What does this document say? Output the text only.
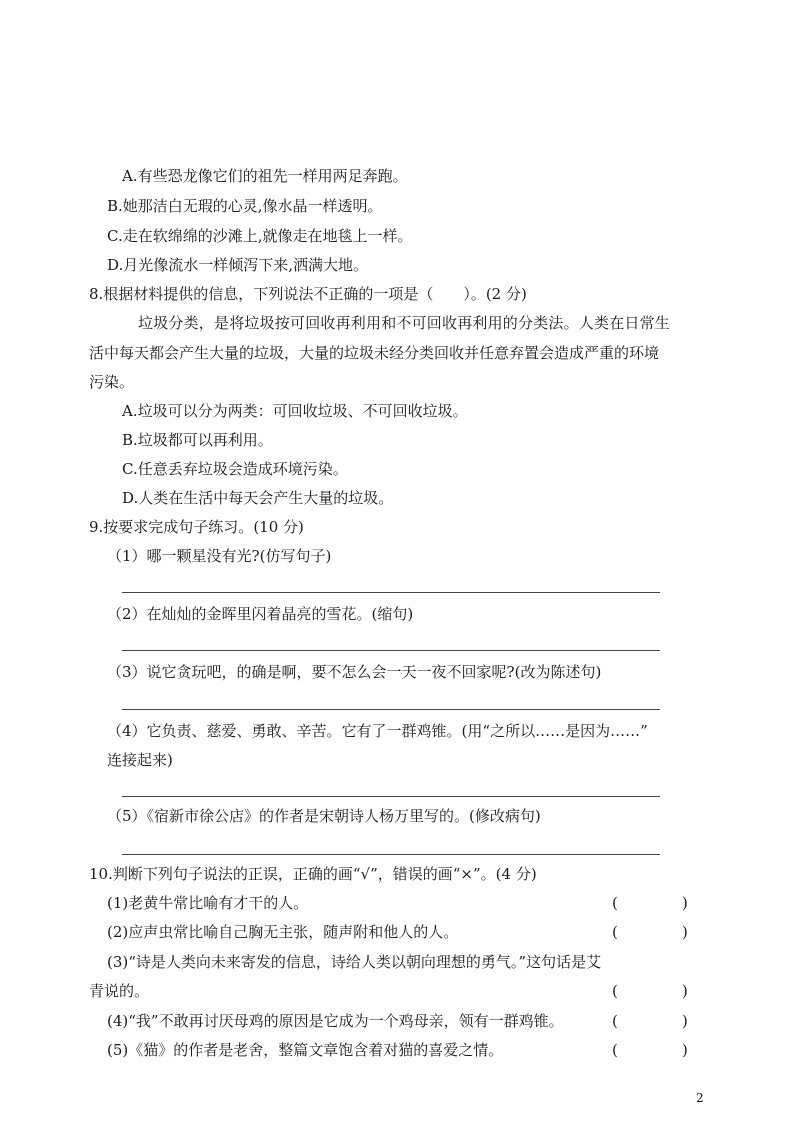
A.有些恐龙像它们的祖先一样用两足奔跑。
B.她那洁白无瑕的心灵,像水晶一样透明。
C.走在软绵绵的沙滩上,就像走在地毯上一样。
D.月光像流水一样倾泻下来,洒满大地。
8.根据材料提供的信息，下列说法不正确的一项是（　　）。(2 分)
垃圾分类，是将垃圾按可回收再利用和不可回收再利用的分类法。人类在日常生
活中每天都会产生大量的垃圾，大量的垃圾未经分类回收并任意弃置会造成严重的环境
污染。
A.垃圾可以分为两类：可回收垃圾、不可回收垃圾。
B.垃圾都可以再利用。
C.任意丢弃垃圾会造成环境污染。
D.人类在生活中每天会产生大量的垃圾。
9.按要求完成句子练习。(10 分)
（1）哪一颗星没有光?(仿写句子)
（2）在灿灿的金晖里闪着晶亮的雪花。(缩句)
（3）说它贪玩吧，的确是啊，要不怎么会一天一夜不回家呢?(改为陈述句)
（4）它负责、慈爱、勇敢、辛苦。它有了一群鸡锥。(用“之所以……是因为……”
连接起来)
（5）《宿新市徐公店》的作者是宋朝诗人杨万里写的。(修改病句)
10.判断下列句子说法的正误，正确的画“√”，错误的画“×”。(4 分)
(1)老黄牛常比喻有才干的人。	(	)
(2)应声虫常比喻自己胸无主张，随声附和他人的人。	(	)
(3)“诗是人类向未来寄发的信息，诗给人类以朝向理想的勇气。”这句话是艾
青说的。	(	)
(4)“我”不敢再讨厌母鸡的原因是它成为一个鸡母亲，领有一群鸡锥。	(	)
(5)《猫》的作者是老舍，整篇文章饱含着对猫的喜爱之情。	(	)
2
